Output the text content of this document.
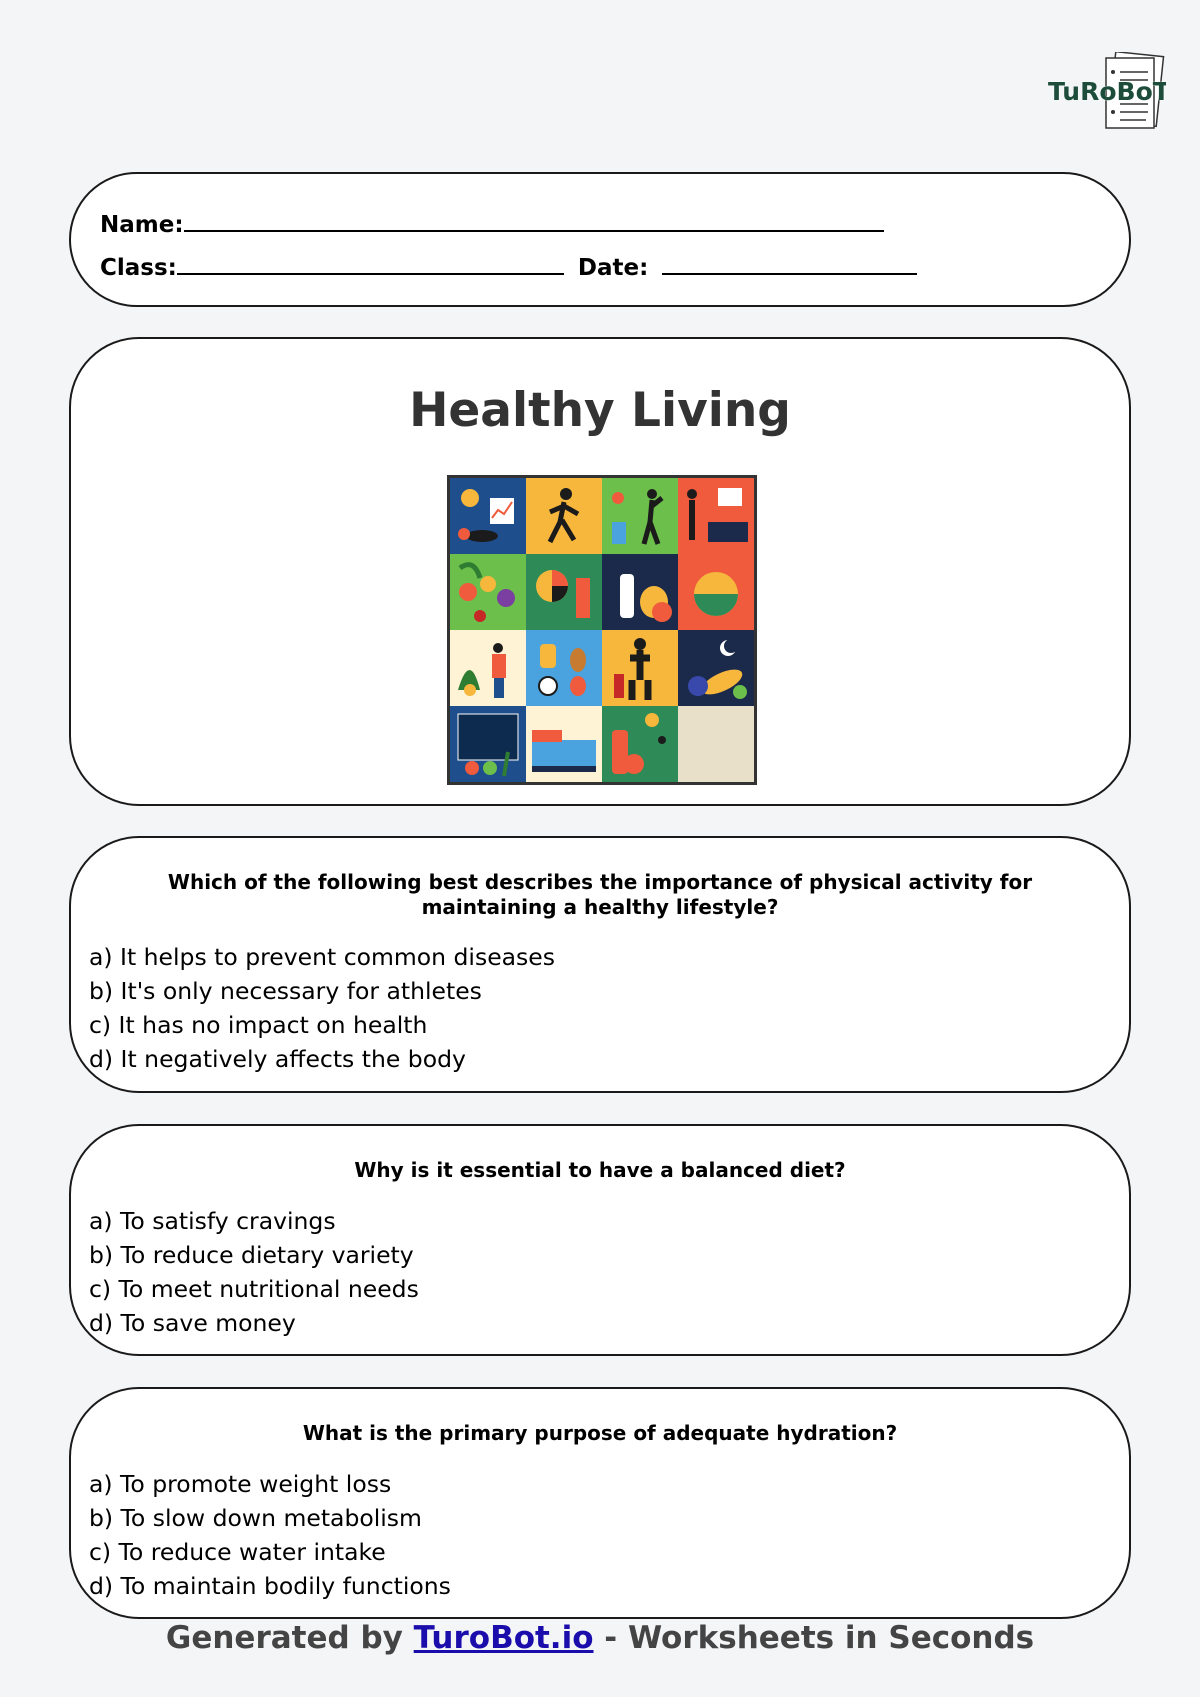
TuRoBoT
Name:
Class:	Date:
Healthy Living
Which of the following best describes the importance of physical activity for maintaining a healthy lifestyle?
a) It helps to prevent common diseases
b) It's only necessary for athletes
c) It has no impact on health
d) It negatively affects the body
Why is it essential to have a balanced diet?
a) To satisfy cravings
b) To reduce dietary variety
c) To meet nutritional needs
d) To save money
What is the primary purpose of adequate hydration?
a) To promote weight loss
b) To slow down metabolism
c) To reduce water intake
d) To maintain bodily functions
Generated by TuroBot.io - Worksheets in Seconds
